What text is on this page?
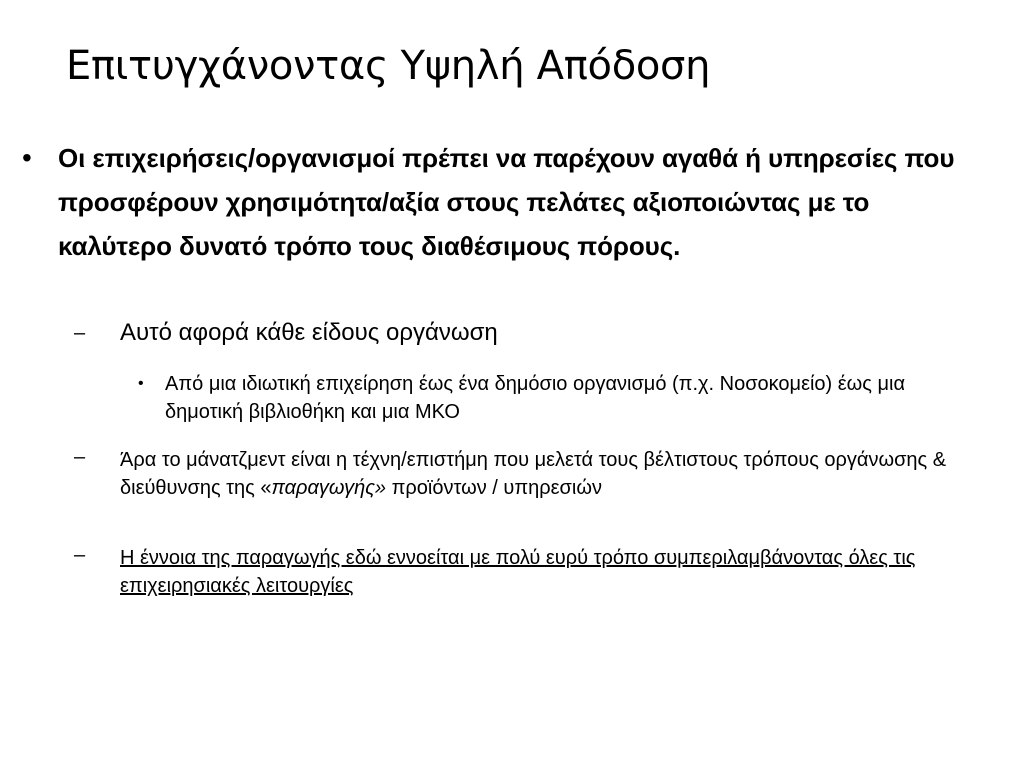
Επιτυγχάνοντας Υψηλή Απόδοση
• Οι επιχειρήσεις/οργανισμοί πρέπει να παρέχουν αγαθά ή υπηρεσίες που προσφέρουν χρησιμότητα/αξία στους πελάτες αξιοποιώντας με το καλύτερο δυνατό τρόπο τους διαθέσιμους πόρους.
– Αυτό αφορά κάθε είδους οργάνωση
• Από μια ιδιωτική επιχείρηση έως ένα δημόσιο οργανισμό (π.χ. Νοσοκομείο) έως μια δημοτική βιβλιοθήκη και μια ΜΚΟ
– Άρα το μάνατζμεντ είναι η τέχνη/επιστήμη που μελετά τους βέλτιστους τρόπους οργάνωσης & διεύθυνσης της «παραγωγής» προϊόντων / υπηρεσιών
– Η έννοια της παραγωγής εδώ εννοείται με πολύ ευρύ τρόπο συμπεριλαμβάνοντας όλες τις επιχειρησιακές λειτουργίες
